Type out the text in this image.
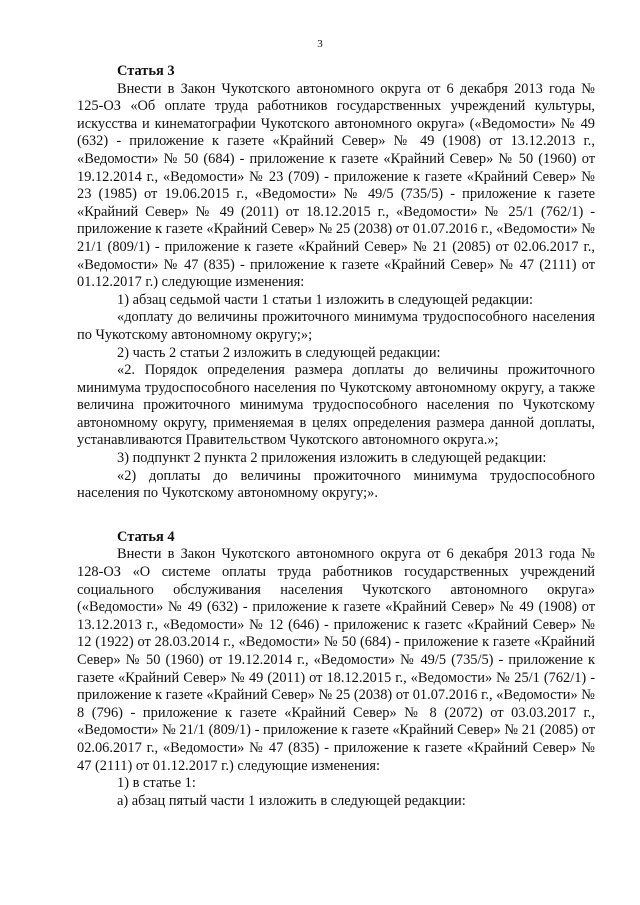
3

Статья 3

Внести в Закон Чукотского автономного округа от 6 декабря 2013 года № 125-ОЗ «Об оплате труда работников государственных учреждений культуры, искусства и кинематографии Чукотского автономного округа» («Ведомости» № 49 (632) - приложение к газете «Крайний Север» № 49 (1908) от 13.12.2013 г., «Ведомости» № 50 (684) - приложение к газете «Крайний Север» № 50 (1960) от 19.12.2014 г., «Ведомости» № 23 (709) - приложение к газете «Крайний Север» № 23 (1985) от 19.06.2015 г., «Ведомости» № 49/5 (735/5) - приложение к газете «Крайний Север» № 49 (2011) от 18.12.2015 г., «Ведомости» № 25/1 (762/1) - приложение к газете «Крайний Север» № 25 (2038) от 01.07.2016 г., «Ведомости» № 21/1 (809/1) - приложение к газете «Крайний Север» № 21 (2085) от 02.06.2017 г., «Ведомости» № 47 (835) - приложение к газете «Крайний Север» № 47 (2111) от 01.12.2017 г.) следующие изменения:

1) абзац седьмой части 1 статьи 1 изложить в следующей редакции:

«доплату до величины прожиточного минимума трудоспособного населения по Чукотскому автономному округу;»;

2) часть 2 статьи 2 изложить в следующей редакции:

«2. Порядок определения размера доплаты до величины прожиточного минимума трудоспособного населения по Чукотскому автономному округу, а также величина прожиточного минимума трудоспособного населения по Чукотскому автономному округу, применяемая в целях определения размера данной доплаты, устанавливаются Правительством Чукотского автономного округа.»;

3) подпункт 2 пункта 2 приложения изложить в следующей редакции:

«2) доплаты до величины прожиточного минимума трудоспособного населения по Чукотскому автономному округу;».

Статья 4

Внести в Закон Чукотского автономного округа от 6 декабря 2013 года № 128-ОЗ «О системе оплаты труда работников государственных учреждений социального обслуживания населения Чукотского автономного округа» («Ведомости» № 49 (632) - приложение к газете «Крайний Север» № 49 (1908) от 13.12.2013 г., «Ведомости» № 12 (646) - приложенис к газетс «Крайний Север» № 12 (1922) от 28.03.2014 г., «Ведомости» № 50 (684) - приложение к газете «Крайний Север» № 50 (1960) от 19.12.2014 г., «Ведомости» № 49/5 (735/5) - приложение к газете «Крайний Север» № 49 (2011) от 18.12.2015 г., «Ведомости» № 25/1 (762/1) - приложение к газете «Крайний Север» № 25 (2038) от 01.07.2016 г., «Ведомости» № 8 (796) - приложение к газете «Крайний Север» № 8 (2072) от 03.03.2017 г., «Ведомости» № 21/1 (809/1) - приложение к газете «Крайний Север» № 21 (2085) от 02.06.2017 г., «Ведомости» № 47 (835) - приложение к газете «Крайний Север» № 47 (2111) от 01.12.2017 г.) следующие изменения:

1) в статье 1:

а) абзац пятый части 1 изложить в следующей редакции:
